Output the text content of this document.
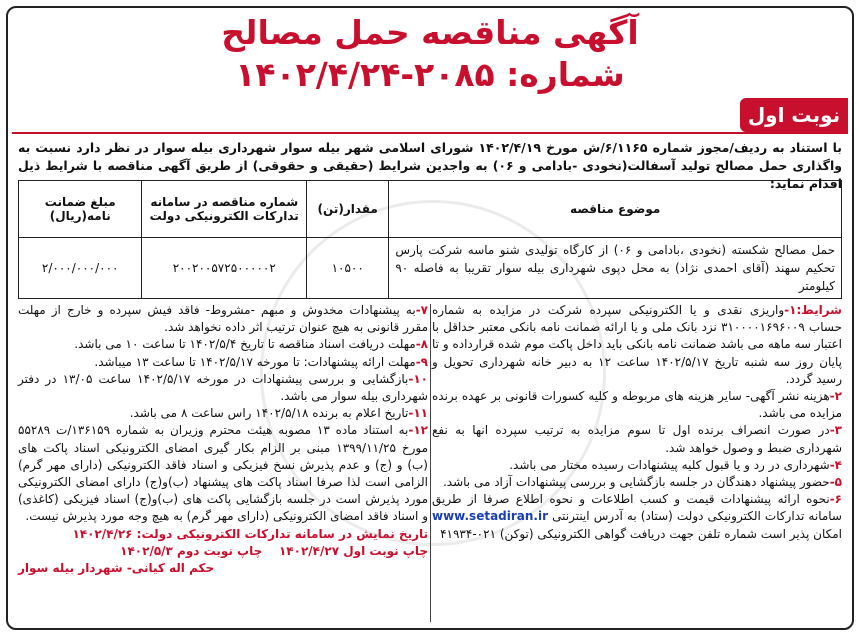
آگهی مناقصه حمل مصالح
شماره: ۲۰۸۵-۱۴۰۲/۴/۲۴
نوبت اول
با استناد به ردیف/مجوز شماره ۶/۱۱۶۵/ش مورخ ۱۴۰۲/۴/۱۹ شورای اسلامی شهر بیله سوار شهرداری بیله سوار در نظر دارد نسبت به واگذاری حمل مصالح تولید آسفالت(نخودی -بادامی و ۰۶) به واجدین شرایط (حقیقی و حقوقی) از طریق آگهی مناقصه با شرایط ذیل اقدام نماید:
موضوع مناقصه	مقدار(تن)	شماره مناقصه در سامانه تدارکات الکترونیکی دولت	مبلغ ضمانت نامه(ریال)
حمل مصالح شکسته (نخودی ،بادامی و ۰۶) از کارگاه تولیدی شنو ماسه شرکت پارس تحکیم سهند (آقای احمدی نژاد) به محل دپوی شهرداری بیله سوار تقریبا به فاصله ۹۰ کیلومتر	۱۰۵۰۰	۲۰۰۲۰۰۵۷۲۵۰۰۰۰۰۲	۲/۰۰۰/۰۰۰/۰۰۰
شرایط:۱-واریزی نقدی و یا الکترونیکی سپرده شرکت در مزایده به شماره حساب ۳۱۰۰۰۰۱۶۹۶۰۰۹ نزد بانک ملی و یا ارائه ضمانت نامه بانکی معتبر حداقل با اعتبار سه ماهه می باشد ضمانت نامه بانکی باید داخل پاکت موم شده قرارداده و تا پایان روز سه شنبه تاریخ ۱۴۰۲/۵/۱۷ ساعت ۱۲ به دبیر خانه شهرداری تحویل و رسید گردد.
۲-هزینه نشر آگهی- سایر هزینه های مربوطه و کلیه کسورات قانونی بر عهده برنده مزایده می باشد.
۳-در صورت انصراف برنده اول تا سوم مزایده به ترتیب سپرده انها به نفع شهرداری ضبط و وصول خواهد شد.
۴-شهرداری در رد و یا قبول کلیه پیشنهادات رسیده مختار می باشد.
۵-حضور پیشنهاد دهندگان در جلسه بازگشایی و بررسی پیشنهادات آزاد می باشد.
۶-نحوه ارائه پیشنهادات قیمت و کسب اطلاعات و نحوه اطلاع صرفا از طریق سامانه تدارکات الکترونیکی دولت (ستاد) به آدرس اینترنتی www.setadiran.ir امکان پذیر است شماره تلفن جهت دریافت گواهی الکترونیکی (توکن) ۰۲۱-۴۱۹۳۴
۷-به پیشنهادات مخدوش و مبهم -مشروط- فاقد فیش سپرده و خارج از مهلت مقرر قانونی به هیچ عنوان ترتیب اثر داده نخواهد شد.
۸-مهلت دریافت اسناد مناقصه تا تاریخ ۱۴۰۲/۵/۴ تا ساعت ۱۰ می باشد.
۹-مهلت ارائه پیشنهادات: تا مورخه ۱۴۰۲/۵/۱۷ تا ساعت ۱۳ میباشد.
۱۰-بازگشایی و بررسی پیشنهادات در مورخه ۱۴۰۲/۵/۱۷ ساعت ۱۳/۰۵ در دفتر شهرداری بیله سوار می باشد.
۱۱-تاریخ اعلام به برنده ۱۴۰۲/۵/۱۸ راس ساعت ۸ می باشد.
۱۲-به استناد ماده ۱۳ مصوبه هیئت محترم وزیران به شماره ۱۳۶۱۵۹/ت ۵۵۲۸۹ مورخ ۱۳۹۹/۱۱/۲۵ مبنی بر الزام بکار گیری امضای الکترونیکی اسناد پاکت های (ب) و (ج) و عدم پذیرش نسخ فیزیکی و اسناد فاقد الکترونیکی (دارای مهر گرم) الزامی است لذا صرفا اسناد پاکت های پیشنهاد (ب)و(ج) دارای امضای الکترونیکی مورد پذیرش است در جلسه بازگشایی پاکت های (ب)و(ج) اسناد فیزیکی (کاغذی) و اسناد فاقد امضای الکترونیکی (دارای مهر گرم) به هیچ وجه مورد پذیرش نیست.
تاریخ نمایش در سامانه تدارکات الکترونیکی دولت: ۱۴۰۲/۴/۲۶
چاپ نوبت اول ۱۴۰۲/۴/۲۷    چاپ نوبت دوم ۱۴۰۲/۵/۳
حکم اله کیانی- شهردار بیله سوار
